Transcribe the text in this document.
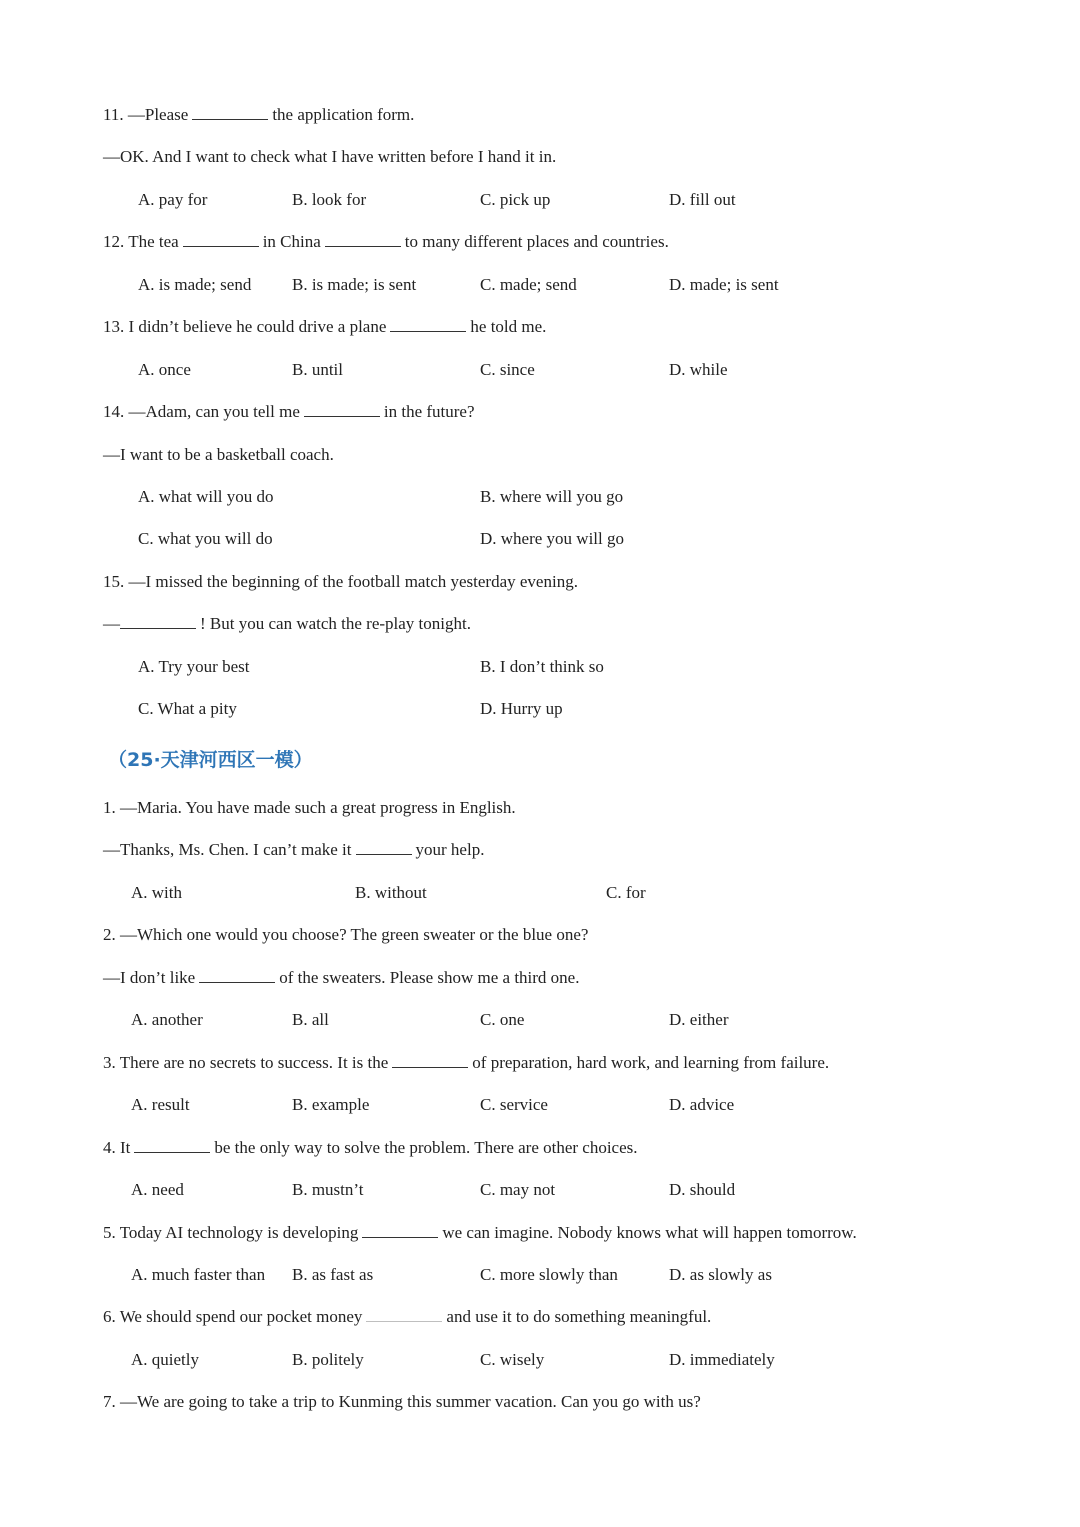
11. —Please	the application form.
—OK. And I want to check what I have written before I hand it in.
A. pay for	B. look for	C. pick up	D. fill out
12. The tea	in China	to many different places and countries.
A. is made; send B. is made; is sent	C. made; send	D. made; is sent
13. I didn’t believe he could drive a plane	he told me.
A. once	B. until	C. since	D. while
14. —Adam, can you tell me	in the future?
—I want to be a basketball coach.
A. what will you do	B. where will you go
C. what you will do	D. where you will go
15. —I missed the beginning of the football match yesterday evening.
—	! But you can watch the re-play tonight.
A. Try your best	B. I don’t think so
C. What a pity	D. Hurry up
（25·天津河西区一模）
1. —Maria. You have made such a great progress in English.
—Thanks, Ms. Chen. I can’t make it	your help.
A. with	B. without	C. for
2. —Which one would you choose? The green sweater or the blue one?
—I don’t like	of the sweaters. Please show me a third one.
A. another	B. all	C. one	D. either
3. There are no secrets to success. It is the	of preparation, hard work, and learning from failure.
A. result	B. example	C. service	D. advice
4. It	be the only way to solve the problem. There are other choices.
A. need	B. mustn’t	C. may not	D. should
5. Today AI technology is developing	we can imagine. Nobody knows what will happen tomorrow.
A. much faster than B. as fast as	C. more slowly than	D. as slowly as
6. We should spend our pocket money	and use it to do something meaningful.
A. quietly	B. politely	C. wisely	D. immediately
7. —We are going to take a trip to Kunming this summer vacation. Can you go with us?
